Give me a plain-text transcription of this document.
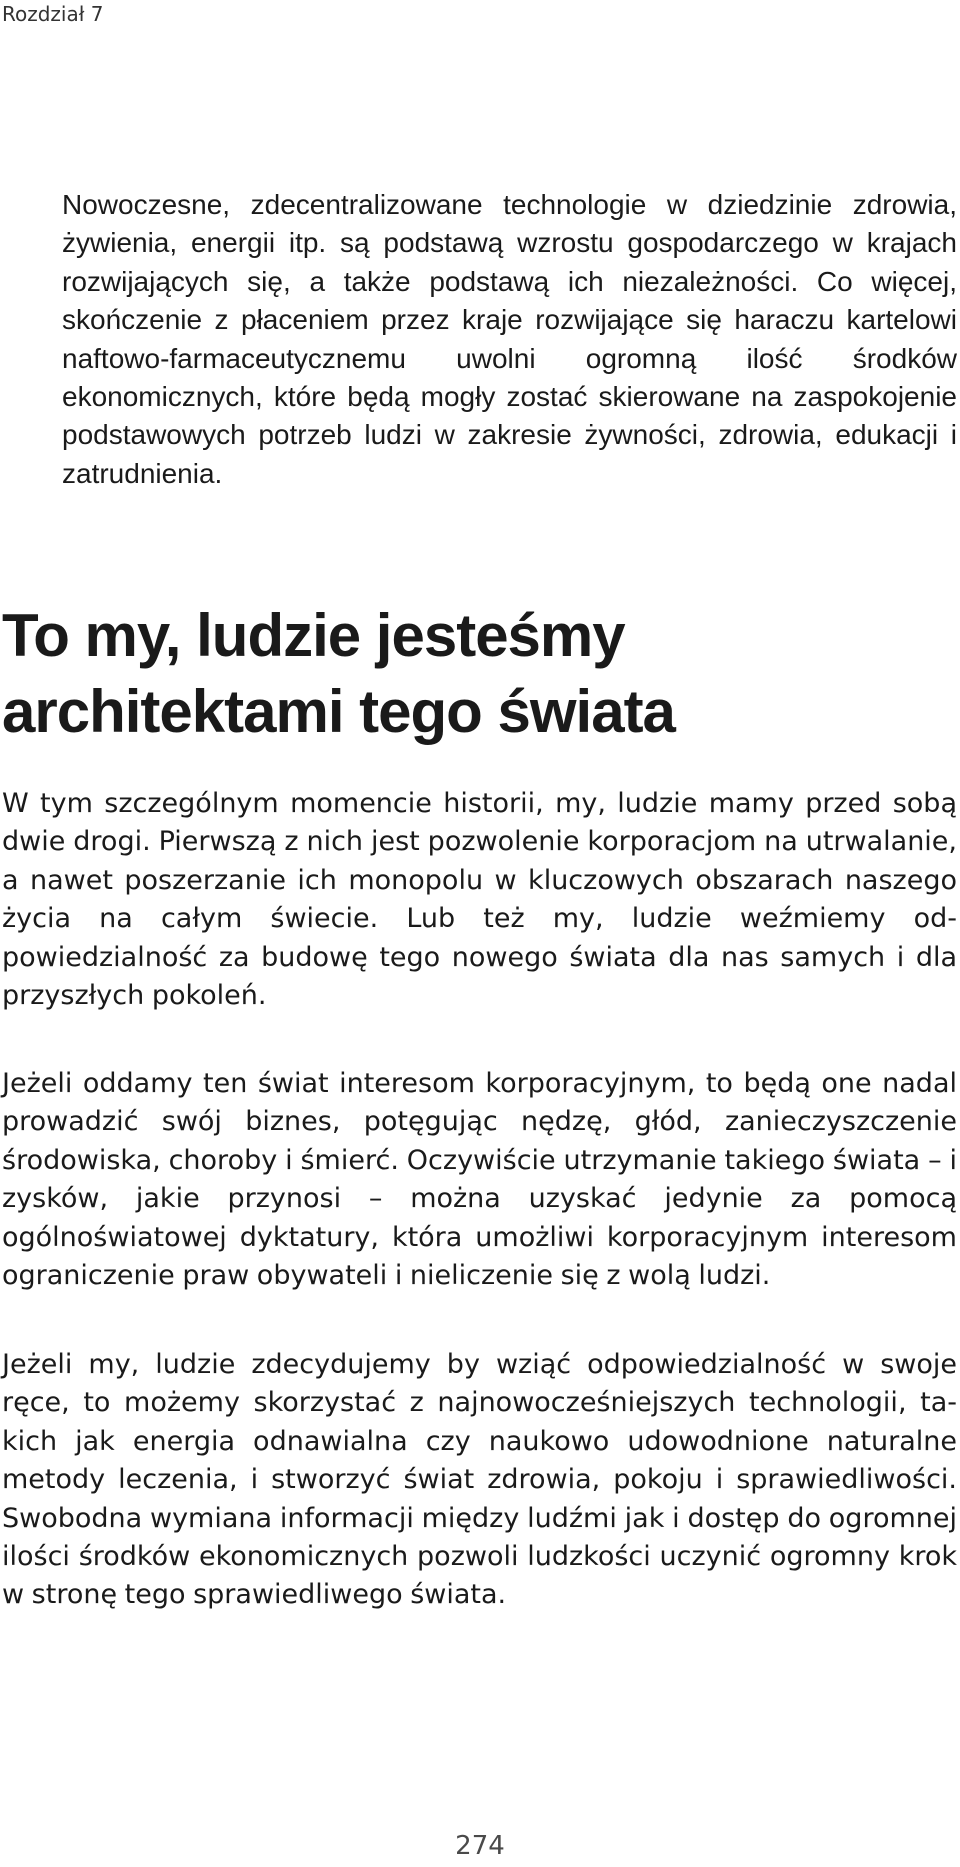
Rozdział 7

Nowoczesne, zdecentralizowane technologie w dziedzinie zdrowia, żywienia, energii itp. są podstawą wzrostu gospodarczego w krajach rozwijających się, a także podstawą ich niezależności. Co więcej, skończenie z płaceniem przez kraje rozwijające się haraczu kartelowi naftowo-farmaceutycznemu uwolni ogromną ilość środków ekonomicznych, które będą mogły zostać skierowane na zaspokojenie podstawowych potrzeb ludzi w zakresie żywności, zdrowia, edukacji i zatrudnienia.

To my, ludzie jesteśmy architektami tego świata

W tym szczególnym momencie historii, my, ludzie mamy przed sobą dwie drogi. Pierwszą z nich jest pozwolenie korporacjom na utrwalanie, a nawet poszerzanie ich monopolu w kluczowych obszarach naszego życia na całym świecie. Lub też my, ludzie weźmiemy odpowiedzialność za budowę tego nowego świata dla nas samych i dla przyszłych pokoleń.

Jeżeli oddamy ten świat interesom korporacyjnym, to będą one nadal prowadzić swój biznes, potęgując nędzę, głód, zanieczyszczenie środowiska, choroby i śmierć. Oczywiście utrzymanie takiego świata – i zysków, jakie przynosi – można uzyskać jedynie za pomocą ogólnoświatowej dyktatury, która umożliwi korporacyjnym interesom ograniczenie praw obywateli i nieliczenie się z wolą ludzi.

Jeżeli my, ludzie zdecydujemy by wziąć odpowiedzialność w swoje ręce, to możemy skorzystać z najnowocześniejszych technologii, takich jak energia odnawialna czy naukowo udowodnione naturalne metody leczenia, i stworzyć świat zdrowia, pokoju i sprawiedliwości. Swobodna wymiana informacji między ludźmi jak i dostęp do ogromnej ilości środków ekonomicznych pozwoli ludzkości uczynić ogromny krok w stronę tego sprawiedliwego świata.

274
